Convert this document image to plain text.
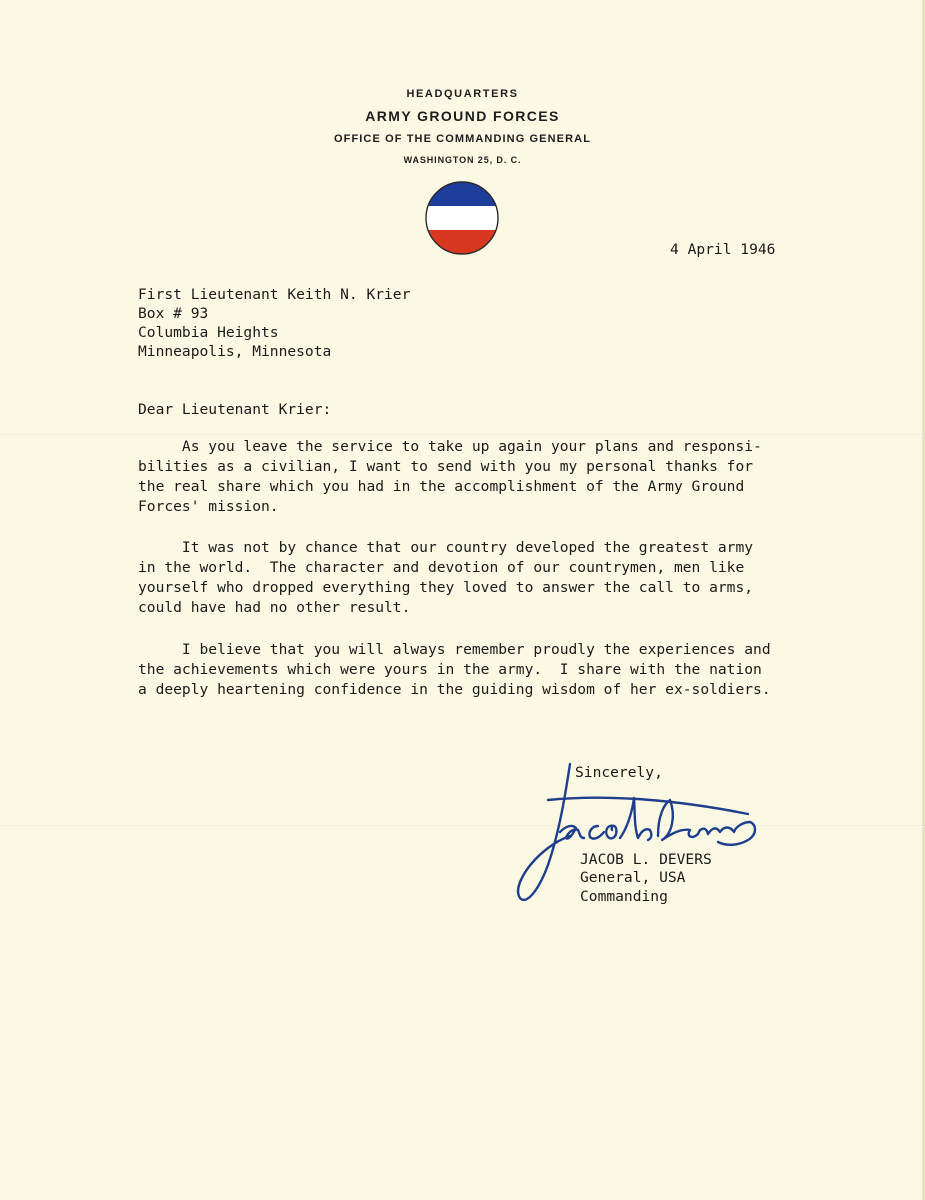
HEADQUARTERS
ARMY GROUND FORCES
OFFICE OF THE COMMANDING GENERAL
WASHINGTON 25, D. C.
4 April 1946
First Lieutenant Keith N. Krier
Box # 93
Columbia Heights
Minneapolis, Minnesota
Dear Lieutenant Krier:
As you leave the service to take up again your plans and responsi-
bilities as a civilian, I want to send with you my personal thanks for
the real share which you had in the accomplishment of the Army Ground
Forces' mission.
It was not by chance that our country developed the greatest army
in the world.  The character and devotion of our countrymen, men like
yourself who dropped everything they loved to answer the call to arms,
could have had no other result.
I believe that you will always remember proudly the experiences and
the achievements which were yours in the army.  I share with the nation
a deeply heartening confidence in the guiding wisdom of her ex-soldiers.
Sincerely,
JACOB L. DEVERS
General, USA
Commanding
